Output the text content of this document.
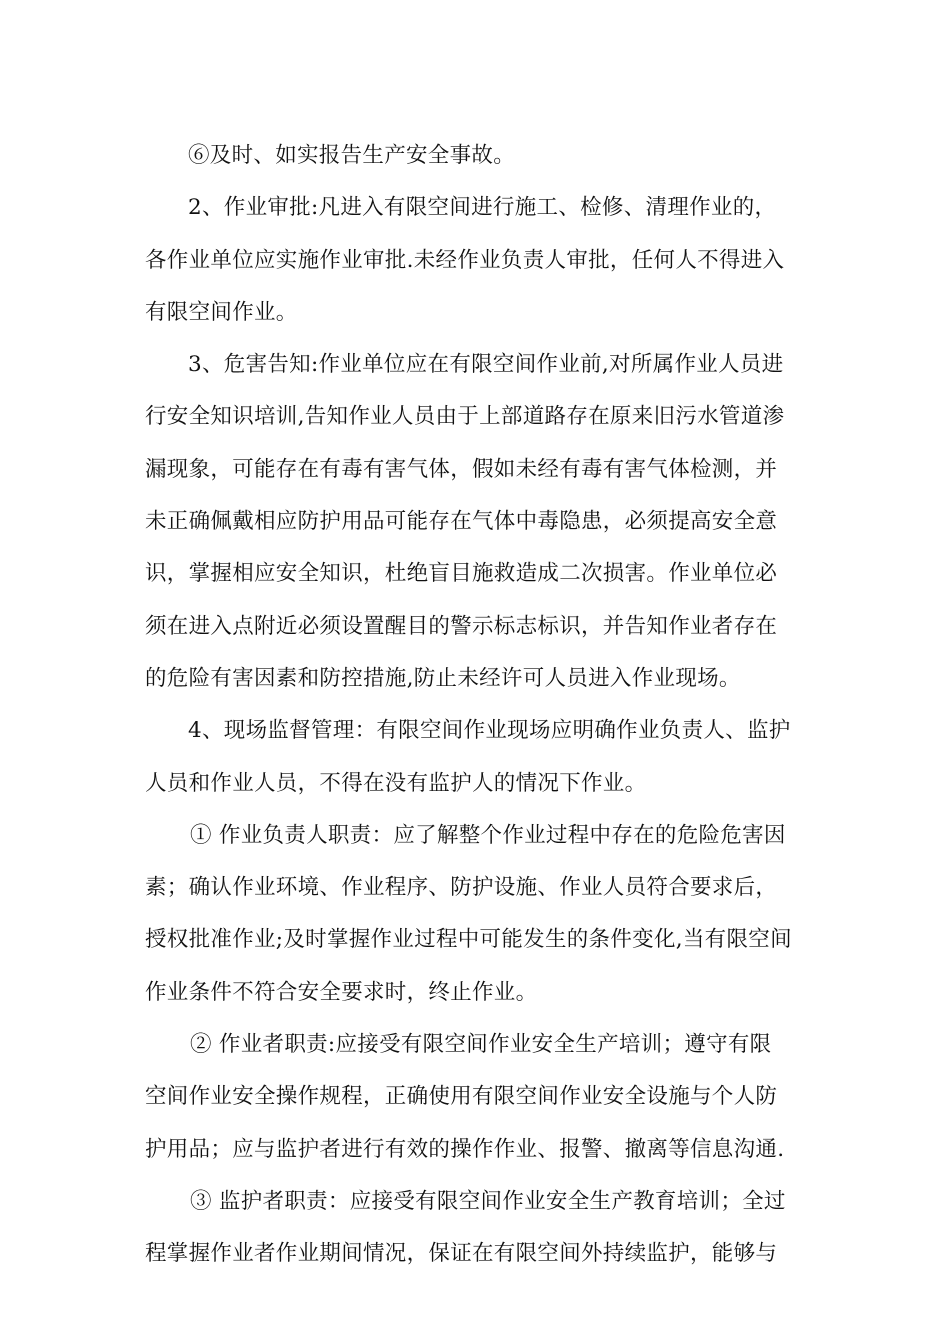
⑥及时、如实报告生产安全事故。
2、作业审批:凡进入有限空间进行施工、检修、清理作业的，
各作业单位应实施作业审批.未经作业负责人审批，任何人不得进入
有限空间作业。
3、危害告知:作业单位应在有限空间作业前,对所属作业人员进
行安全知识培训,告知作业人员由于上部道路存在原来旧污水管道渗
漏现象，可能存在有毒有害气体，假如未经有毒有害气体检测，并
未正确佩戴相应防护用品可能存在气体中毒隐患，必须提高安全意
识，掌握相应安全知识，杜绝盲目施救造成二次损害。作业单位必
须在进入点附近必须设置醒目的警示标志标识，并告知作业者存在
的危险有害因素和防控措施,防止未经许可人员进入作业现场。
4、现场监督管理：有限空间作业现场应明确作业负责人、监护
人员和作业人员，不得在没有监护人的情况下作业。
① 作业负责人职责：应了解整个作业过程中存在的危险危害因
素；确认作业环境、作业程序、防护设施、作业人员符合要求后，
授权批准作业;及时掌握作业过程中可能发生的条件变化,当有限空间
作业条件不符合安全要求时，终止作业。
② 作业者职责:应接受有限空间作业安全生产培训；遵守有限
空间作业安全操作规程，正确使用有限空间作业安全设施与个人防
护用品；应与监护者进行有效的操作作业、报警、撤离等信息沟通.
③ 监护者职责：应接受有限空间作业安全生产教育培训；全过
程掌握作业者作业期间情况，保证在有限空间外持续监护，能够与
